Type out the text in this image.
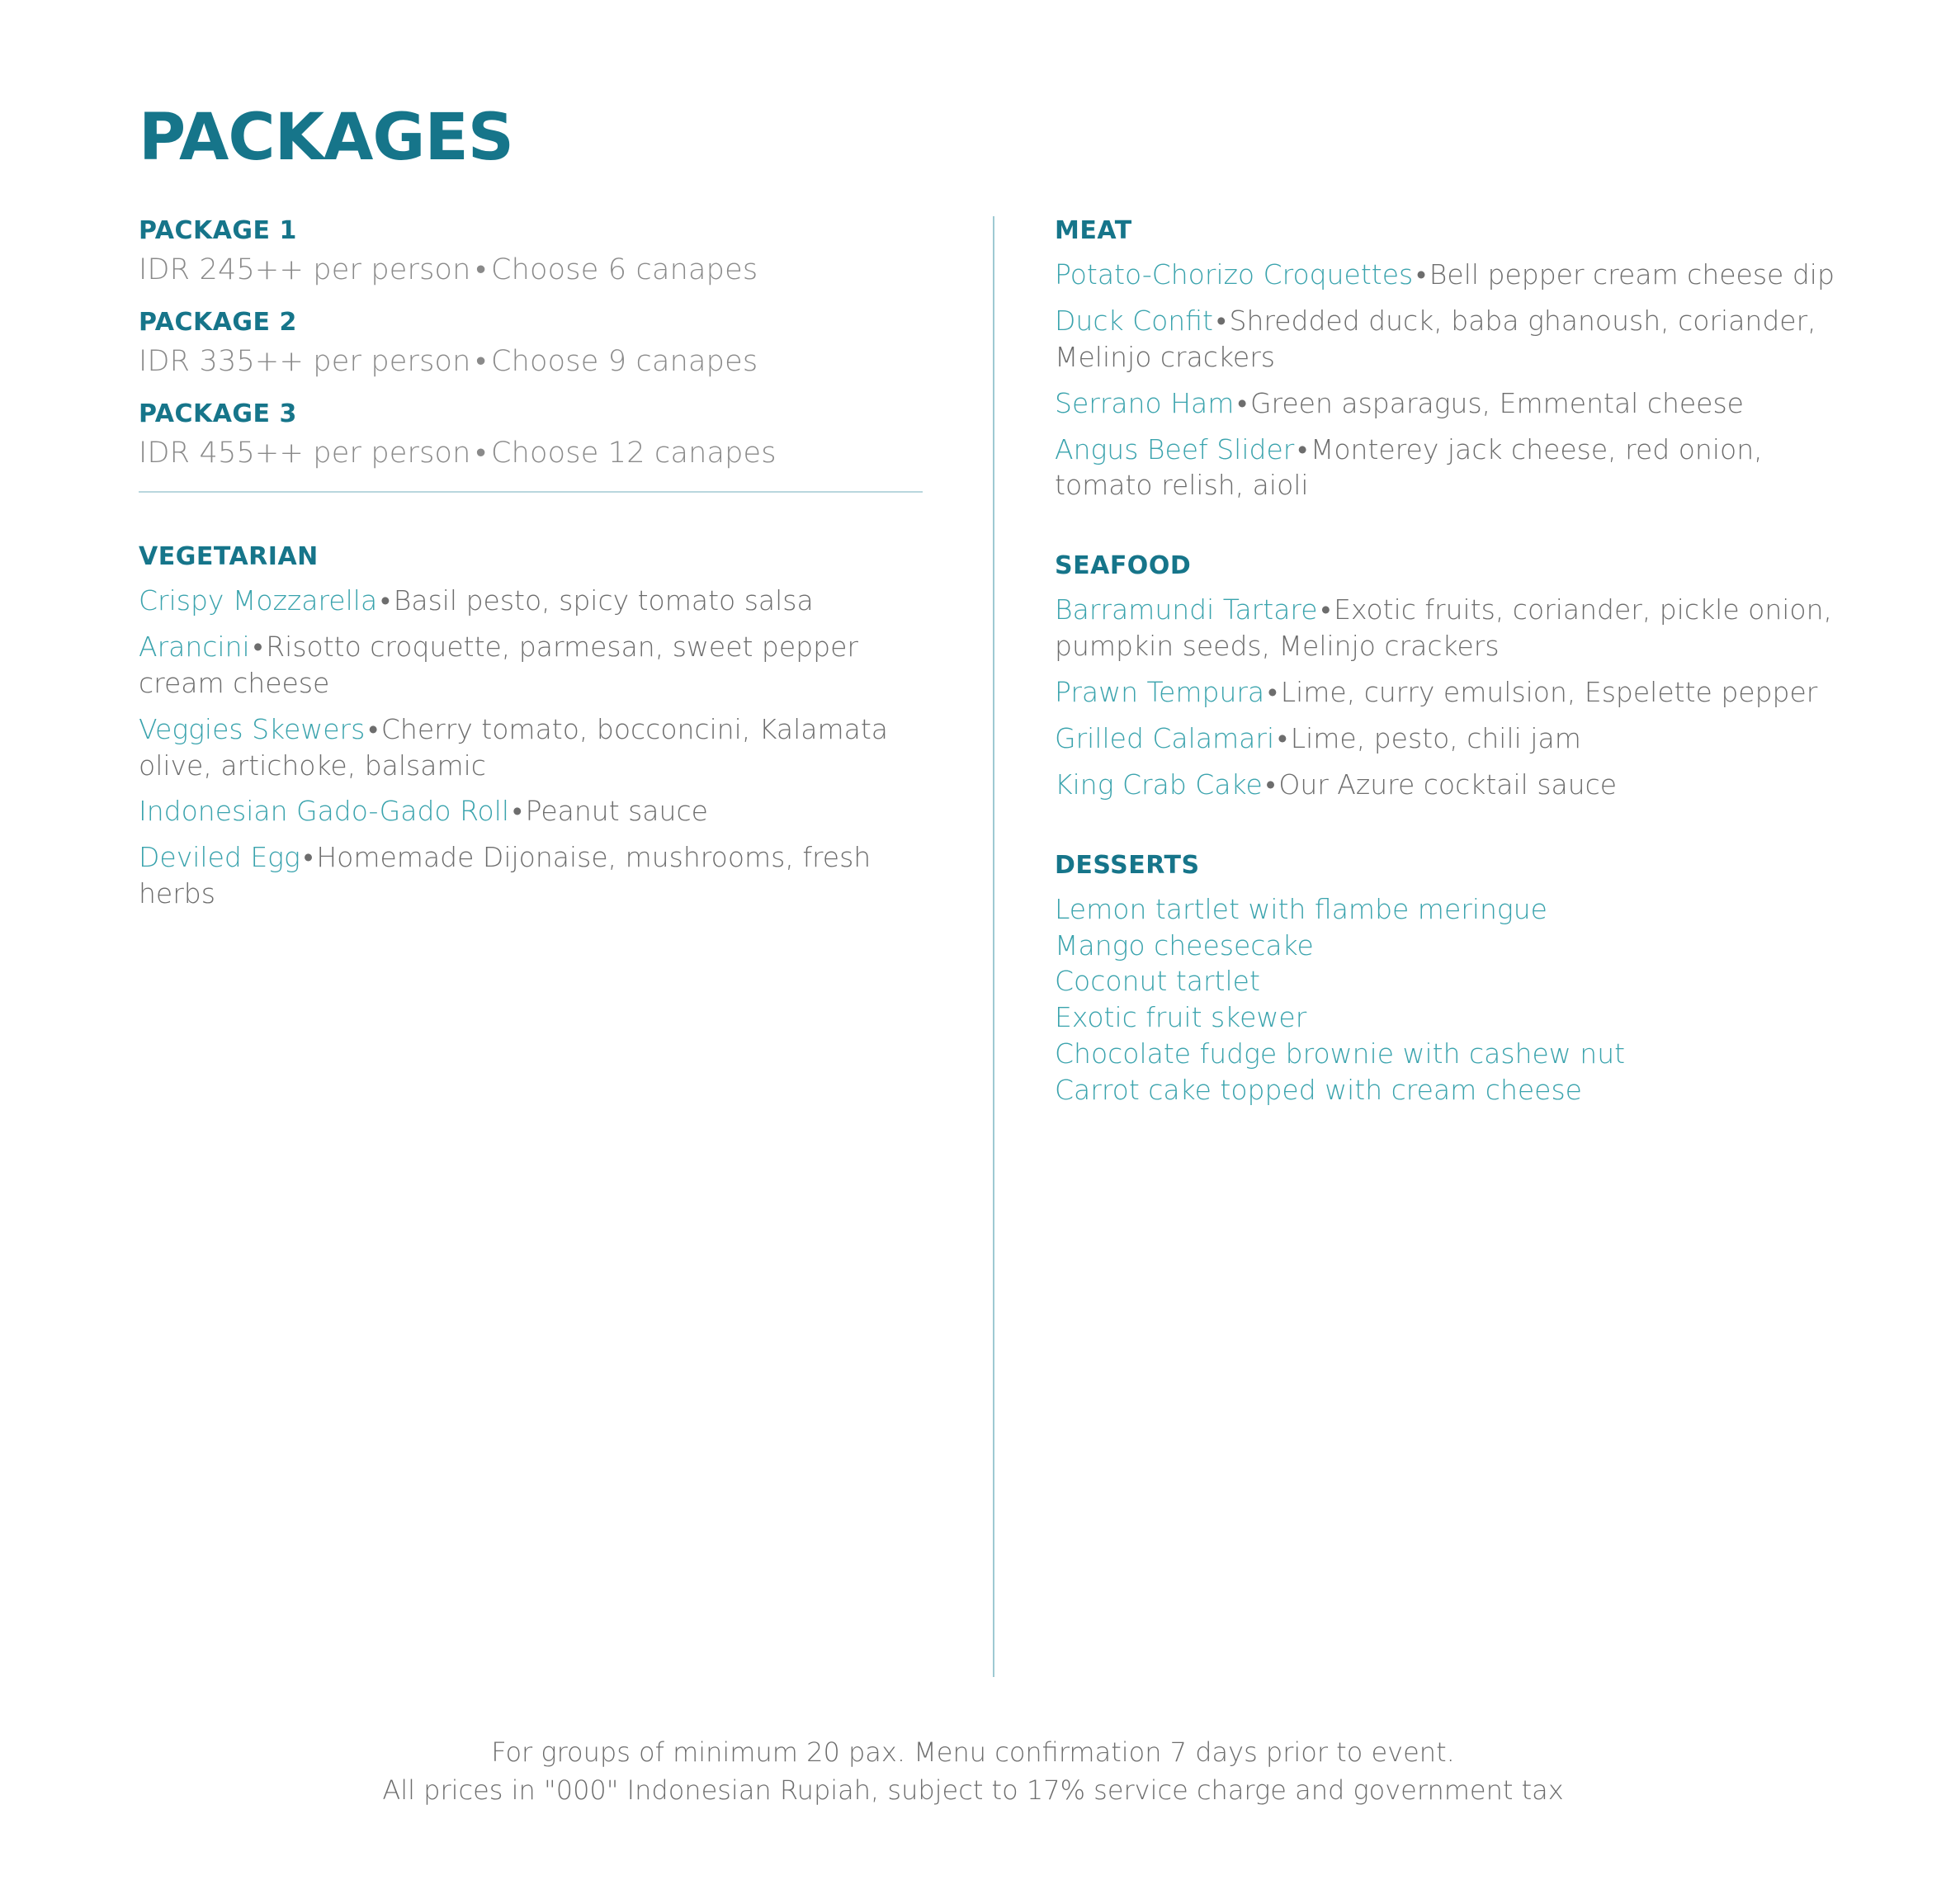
PACKAGES
PACKAGE 1
IDR 245++ per person • Choose 6 canapes
PACKAGE 2
IDR 335++ per person • Choose 9 canapes
PACKAGE 3
IDR 455++ per person • Choose 12 canapes
VEGETARIAN

Crispy Mozzarella • Basil pesto, spicy tomato salsa

Arancini • Risotto croquette, parmesan, sweet pepper cream cheese

Veggies Skewers • Cherry tomato, bocconcini, Kalamata olive, artichoke, balsamic

Indonesian Gado-Gado Roll • Peanut sauce

Deviled Egg • Homemade Dijonaise, mushrooms, fresh herbs

MEAT

Potato-Chorizo Croquettes • Bell pepper cream cheese dip

Duck Confit • Shredded duck, baba ghanoush, coriander, Melinjo crackers

Serrano Ham • Green asparagus, Emmental cheese

Angus Beef Slider • Monterey jack cheese, red onion, tomato relish, aioli

SEAFOOD

Barramundi Tartare • Exotic fruits, coriander, pickle onion, pumpkin seeds, Melinjo crackers

Prawn Tempura • Lime, curry emulsion, Espelette pepper

Grilled Calamari • Lime, pesto, chili jam

King Crab Cake • Our Azure cocktail sauce

DESSERTS

Lemon tartlet with flambe meringue

Mango cheesecake

Coconut tartlet

Exotic fruit skewer

Chocolate fudge brownie with cashew nut

Carrot cake topped with cream cheese

For groups of minimum 20 pax. Menu confirmation 7 days prior to event.
All prices in "000" Indonesian Rupiah, subject to 17% service charge and government tax
